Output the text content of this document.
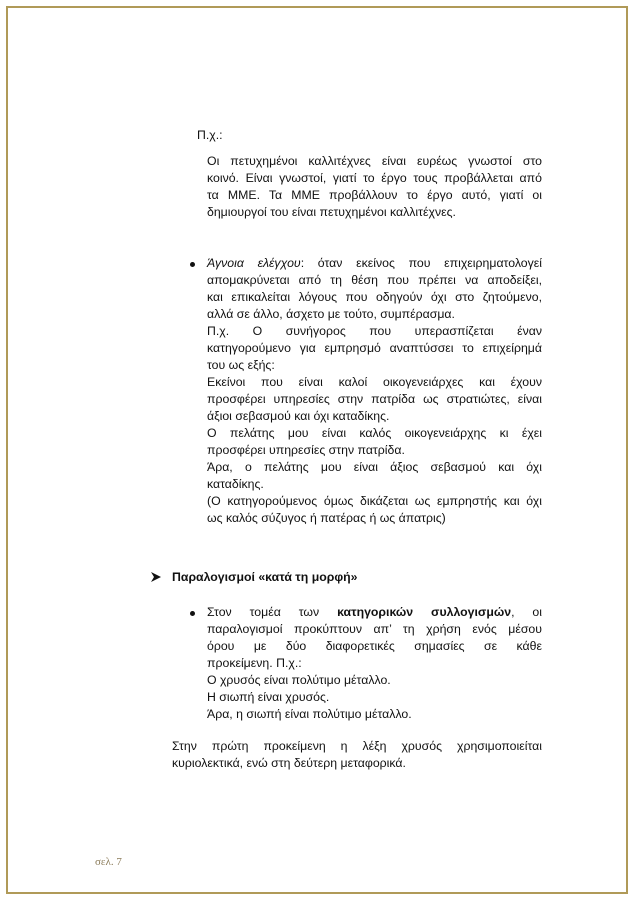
Π.χ.:
Οι πετυχημένοι καλλιτέχνες είναι ευρέως γνωστοί στο
κοινό. Είναι γνωστοί, γιατί το έργο τους προβάλλεται από
τα ΜΜΕ. Τα ΜΜΕ προβάλλουν το έργο αυτό, γιατί οι
δημιουργοί του είναι πετυχημένοι καλλιτέχνες.
Άγνοια ελέγχου: όταν εκείνος που επιχειρηματολογεί
απομακρύνεται από τη θέση που πρέπει να αποδείξει,
και επικαλείται λόγους που οδηγούν όχι στο ζητούμενο,
αλλά σε άλλο, άσχετο με τούτο, συμπέρασμα.
Π.χ. Ο συνήγορος που υπερασπίζεται έναν
κατηγορούμενο για εμπρησμό αναπτύσσει το επιχείρημά
του ως εξής:
Εκείνοι που είναι καλοί οικογενειάρχες και έχουν
προσφέρει υπηρεσίες στην πατρίδα ως στρατιώτες, είναι
άξιοι σεβασμού και όχι καταδίκης.
Ο πελάτης μου είναι καλός οικογενειάρχης κι έχει
προσφέρει υπηρεσίες στην πατρίδα.
Άρα, ο πελάτης μου είναι άξιος σεβασμού και όχι
καταδίκης.
(Ο κατηγορούμενος όμως δικάζεται ως εμπρηστής και όχι
ως καλός σύζυγος ή πατέρας ή ως άπατρις)
Παραλογισμοί «κατά τη μορφή»
Στον τομέα των κατηγορικών συλλογισμών, οι
παραλογισμοί προκύπτουν απ’ τη χρήση ενός μέσου
όρου με δύο διαφορετικές σημασίες σε κάθε
προκείμενη. Π.χ.:
Ο χρυσός είναι πολύτιμο μέταλλο.
Η σιωπή είναι χρυσός.
Άρα, η σιωπή είναι πολύτιμο μέταλλο.
Στην πρώτη προκείμενη η λέξη χρυσός χρησιμοποιείται
κυριολεκτικά, ενώ στη δεύτερη μεταφορικά.
σελ. 7
